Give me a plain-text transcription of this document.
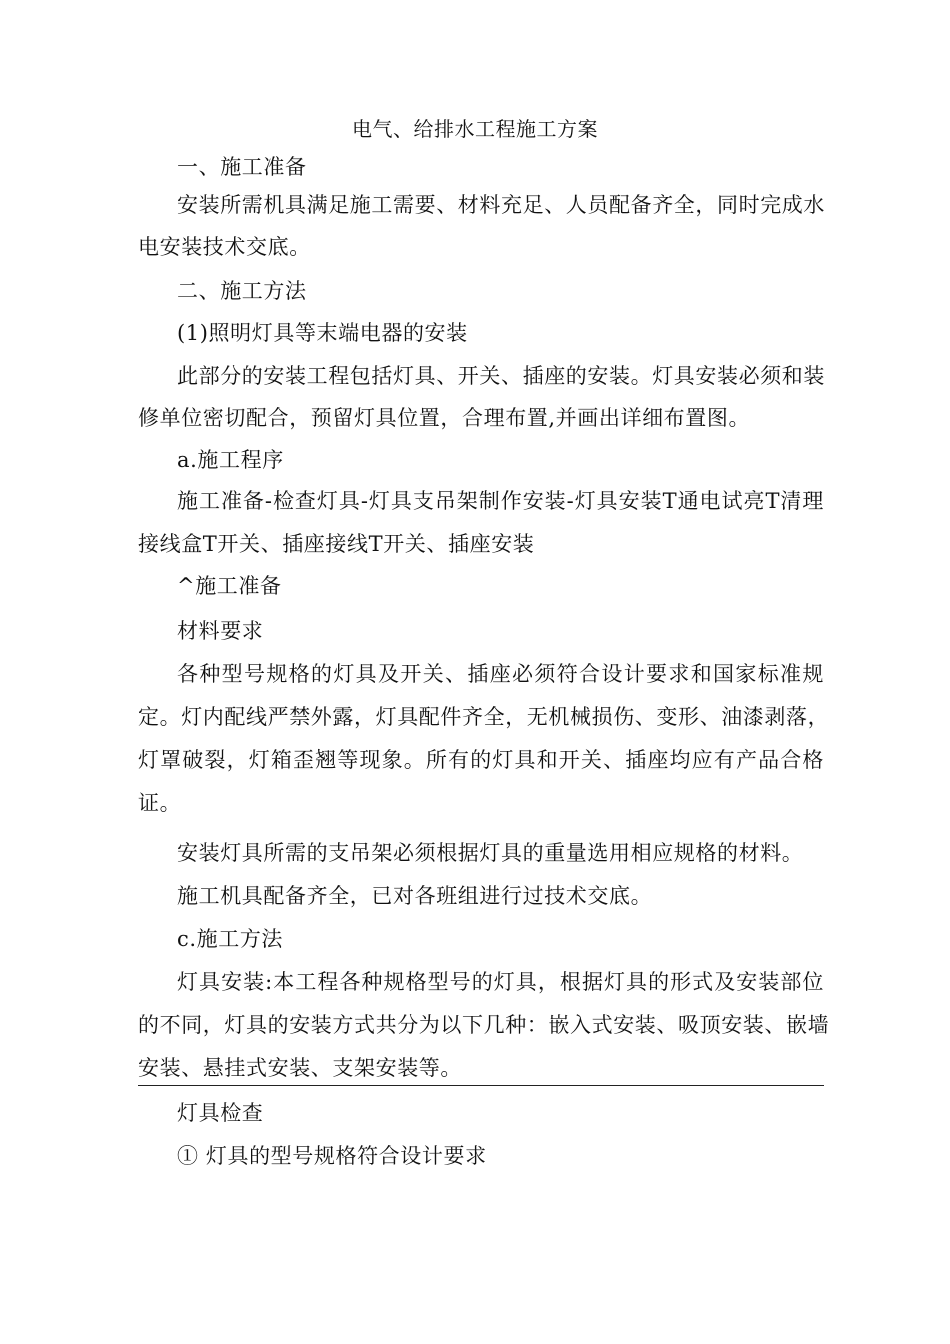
电气、给排水工程施工方案
一、施工准备
安装所需机具满足施工需要、材料充足、人员配备齐全，同时完成水
电安装技术交底。
二、施工方法
(1)照明灯具等末端电器的安装
此部分的安装工程包括灯具、开关、插座的安装。灯具安装必须和装
修单位密切配合，预留灯具位置，合理布置,并画出详细布置图。
a.施工程序
施工准备-检查灯具-灯具支吊架制作安装-灯具安装T通电试亮T清理
接线盒T开关、插座接线T开关、插座安装
^施工准备
材料要求
各种型号规格的灯具及开关、插座必须符合设计要求和国家标准规
定。灯内配线严禁外露，灯具配件齐全，无机械损伤、变形、油漆剥落，
灯罩破裂，灯箱歪翘等现象。所有的灯具和开关、插座均应有产品合格
证。
安装灯具所需的支吊架必须根据灯具的重量选用相应规格的材料。
施工机具配备齐全，已对各班组进行过技术交底。
c.施工方法
灯具安装:本工程各种规格型号的灯具，根据灯具的形式及安装部位
的不同，灯具的安装方式共分为以下几种：嵌入式安装、吸顶安装、嵌墙
安装、悬挂式安装、支架安装等。
灯具检查
① 灯具的型号规格符合设计要求
